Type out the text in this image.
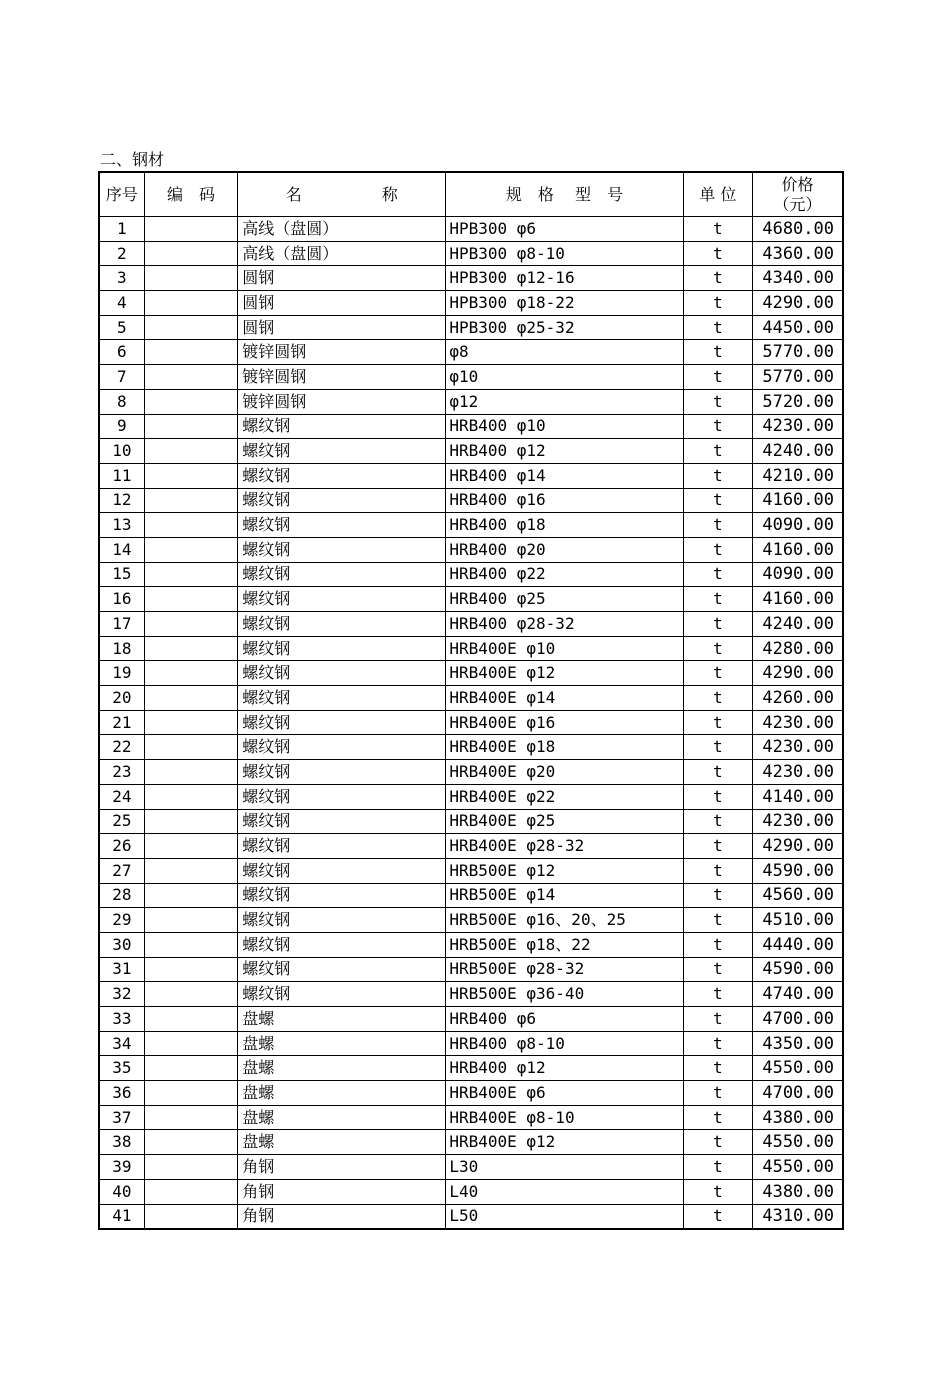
二、钢材
序号	编　码	名　　　　　称	规　格　 型　号	单 位	价格
（元）
1		高线（盘圆）	HPB300 φ6	t	4680.00
2		高线（盘圆）	HPB300 φ8-10	t	4360.00
3		圆钢	HPB300 φ12-16	t	4340.00
4		圆钢	HPB300 φ18-22	t	4290.00
5		圆钢	HPB300 φ25-32	t	4450.00
6		镀锌圆钢	φ8	t	5770.00
7		镀锌圆钢	φ10	t	5770.00
8		镀锌圆钢	φ12	t	5720.00
9		螺纹钢	HRB400 φ10	t	4230.00
10		螺纹钢	HRB400 φ12	t	4240.00
11		螺纹钢	HRB400 φ14	t	4210.00
12		螺纹钢	HRB400 φ16	t	4160.00
13		螺纹钢	HRB400 φ18	t	4090.00
14		螺纹钢	HRB400 φ20	t	4160.00
15		螺纹钢	HRB400 φ22	t	4090.00
16		螺纹钢	HRB400 φ25	t	4160.00
17		螺纹钢	HRB400 φ28-32	t	4240.00
18		螺纹钢	HRB400E φ10	t	4280.00
19		螺纹钢	HRB400E φ12	t	4290.00
20		螺纹钢	HRB400E φ14	t	4260.00
21		螺纹钢	HRB400E φ16	t	4230.00
22		螺纹钢	HRB400E φ18	t	4230.00
23		螺纹钢	HRB400E φ20	t	4230.00
24		螺纹钢	HRB400E φ22	t	4140.00
25		螺纹钢	HRB400E φ25	t	4230.00
26		螺纹钢	HRB400E φ28-32	t	4290.00
27		螺纹钢	HRB500E φ12	t	4590.00
28		螺纹钢	HRB500E φ14	t	4560.00
29		螺纹钢	HRB500E φ16、20、25	t	4510.00
30		螺纹钢	HRB500E φ18、22	t	4440.00
31		螺纹钢	HRB500E φ28-32	t	4590.00
32		螺纹钢	HRB500E φ36-40	t	4740.00
33		盘螺	HRB400 φ6	t	4700.00
34		盘螺	HRB400 φ8-10	t	4350.00
35		盘螺	HRB400 φ12	t	4550.00
36		盘螺	HRB400E φ6	t	4700.00
37		盘螺	HRB400E φ8-10	t	4380.00
38		盘螺	HRB400E φ12	t	4550.00
39		角钢	L30	t	4550.00
40		角钢	L40	t	4380.00
41		角钢	L50	t	4310.00
